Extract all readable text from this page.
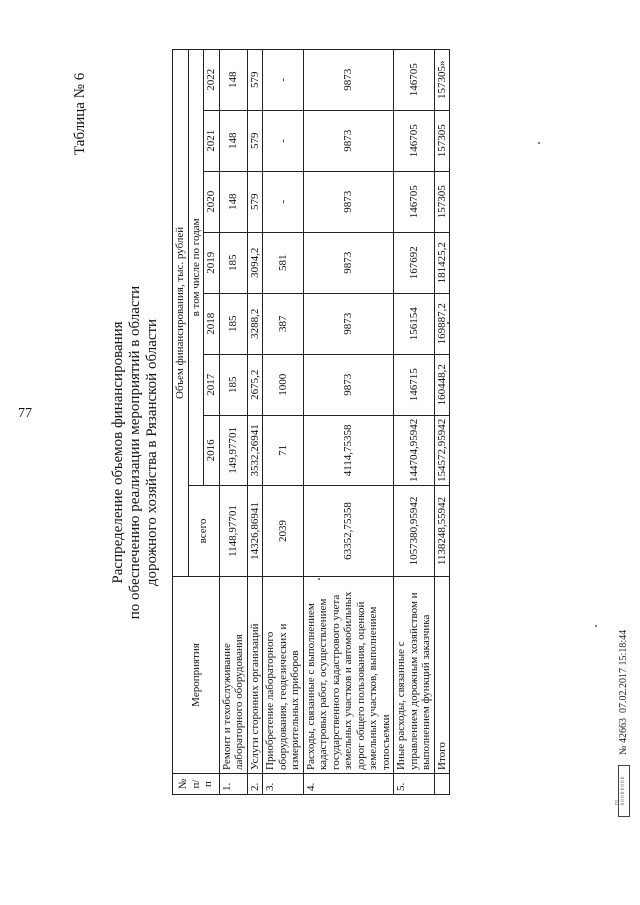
77
Таблица № 6
Распределение объемов финансирования по обеспечению реализации мероприятий в области дорожного хозяйства в Рязанской области
№ п/п	Мероприятия	Объем финансирования, тыс. рублей							
		всего	в том числе по годам						
			2016	2017	2018	2019	2020	2021	2022
1.	Ремонт и техобслуживание лабораторного оборудования	1148,97701	149,97701	185	185	185	148	148	148
2.	Услуги сторонних организаций	14326,86941	3532,26941	2675,2	3288,2	3094,2	579	579	579
3.	Приобретение лабораторного оборудования, геодезических и измерительных приборов	2039	71	1000	387	581	-	-	-
4.	Расходы, связанные с выполнением кадастровых работ, осуществлением государственного кадастрового учета земельных участков и автомобильных дорог общего пользования, оценкой земельных участков, выполнением топосъемки	63352,75358	4114,75358	9873	9873	9873	9873	9873	9873
5.	Иные расходы, связанные с управлением дорожным хозяйством и выполнением функций заказчика	1057380,95942	144704,95942	146715	156154	167692	146705	146705	146705
	Итого	1138248,55942	154572,95942	160448,2	169887,2	181425,2	157305	157305	157305»
ГО 0 0 0 0 0 0 0 0
№ 42663  07.02.2017 15:18:44
